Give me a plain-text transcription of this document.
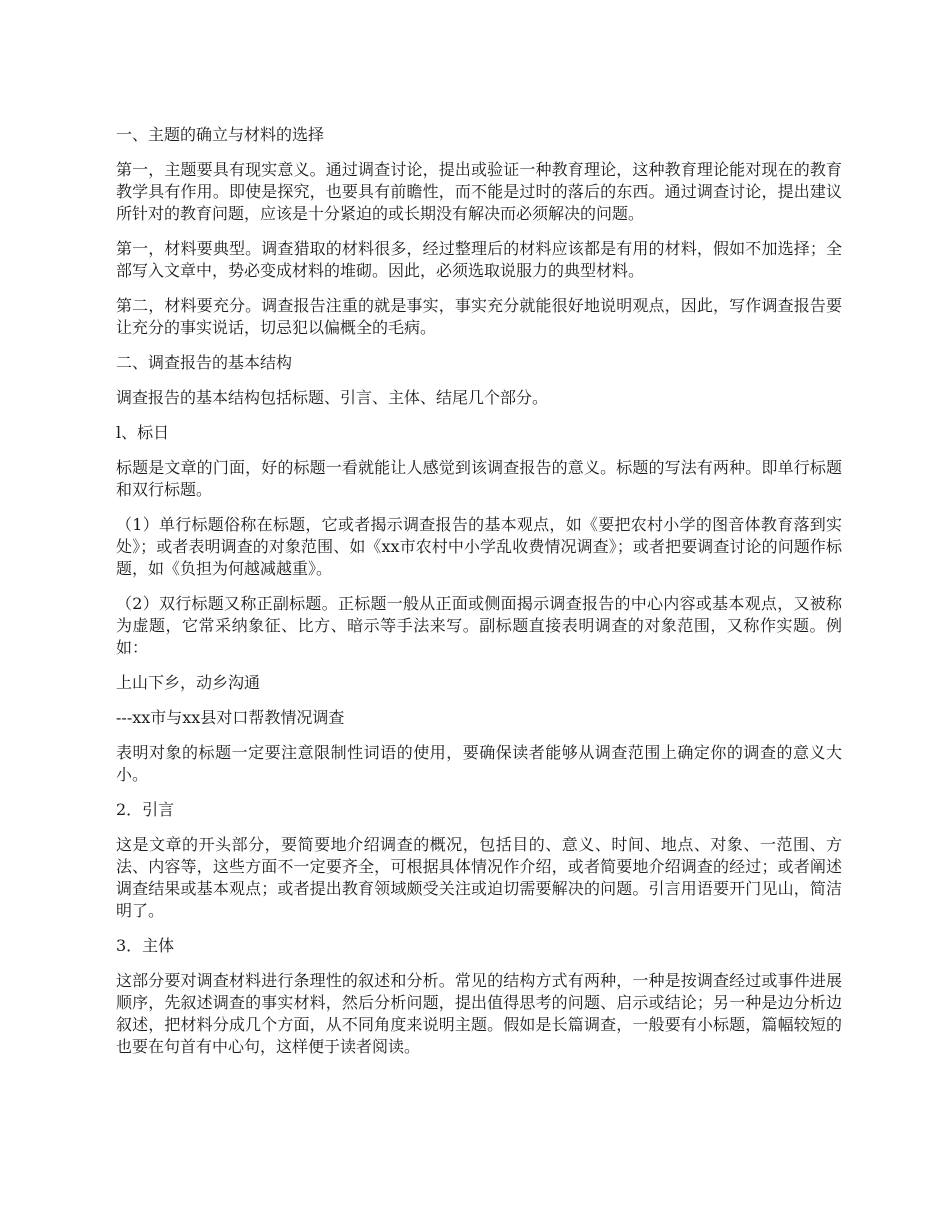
一、主题的确立与材料的选择

第一，主题要具有现实意义。通过调查讨论，提出或验证一种教育理论，这种教育理论能对现在的教育教学具有作用。即使是探究，也要具有前瞻性，而不能是过时的落后的东西。通过调查讨论，提出建议所针对的教育问题，应该是十分紧迫的或长期没有解决而必须解决的问题。

第一，材料要典型。调查猎取的材料很多，经过整理后的材料应该都是有用的材料，假如不加选择；全部写入文章中，势必变成材料的堆砌。因此，必须选取说服力的典型材料。

第二，材料要充分。调查报告注重的就是事实，事实充分就能很好地说明观点，因此，写作调查报告要让充分的事实说话，切忌犯以偏概全的毛病。

二、调查报告的基本结构

调查报告的基本结构包括标题、引言、主体、结尾几个部分。

l、标日

标题是文章的门面，好的标题一看就能让人感觉到该调查报告的意义。标题的写法有两种。即单行标题和双行标题。

（1）单行标题俗称在标题，它或者揭示调查报告的基本观点，如《要把农村小学的图音体教育落到实处》；或者表明调查的对象范围、如《xx市农村中小学乱收费情况调查》；或者把要调查讨论的问题作标题，如《负担为何越减越重》。

（2）双行标题又称正副标题。正标题一般从正面或侧面揭示调查报告的中心内容或基本观点，又被称为虚题，它常采纳象征、比方、暗示等手法来写。副标题直接表明调查的对象范围，又称作实题。例如：

上山下乡，动乡沟通

---xx市与xx县对口帮教情况调查

表明对象的标题一定要注意限制性词语的使用，要确保读者能够从调查范围上确定你的调查的意义大小。

2．引言

这是文章的开头部分，要简要地介绍调查的概况，包括目的、意义、时间、地点、对象、一范围、方法、内容等，这些方面不一定要齐全，可根据具体情况作介绍，或者简要地介绍调查的经过；或者阐述调查结果或基本观点；或者提出教育领域颇受关注或迫切需要解决的问题。引言用语要开门见山，简洁明了。

3．主体

这部分要对调查材料进行条理性的叙述和分析。常见的结构方式有两种，一种是按调查经过或事件进展顺序，先叙述调查的事实材料，然后分析问题，提出值得思考的问题、启示或结论；另一种是边分析边叙述，把材料分成几个方面，从不同角度来说明主题。假如是长篇调查，一般要有小标题，篇幅较短的也要在句首有中心句，这样便于读者阅读。
